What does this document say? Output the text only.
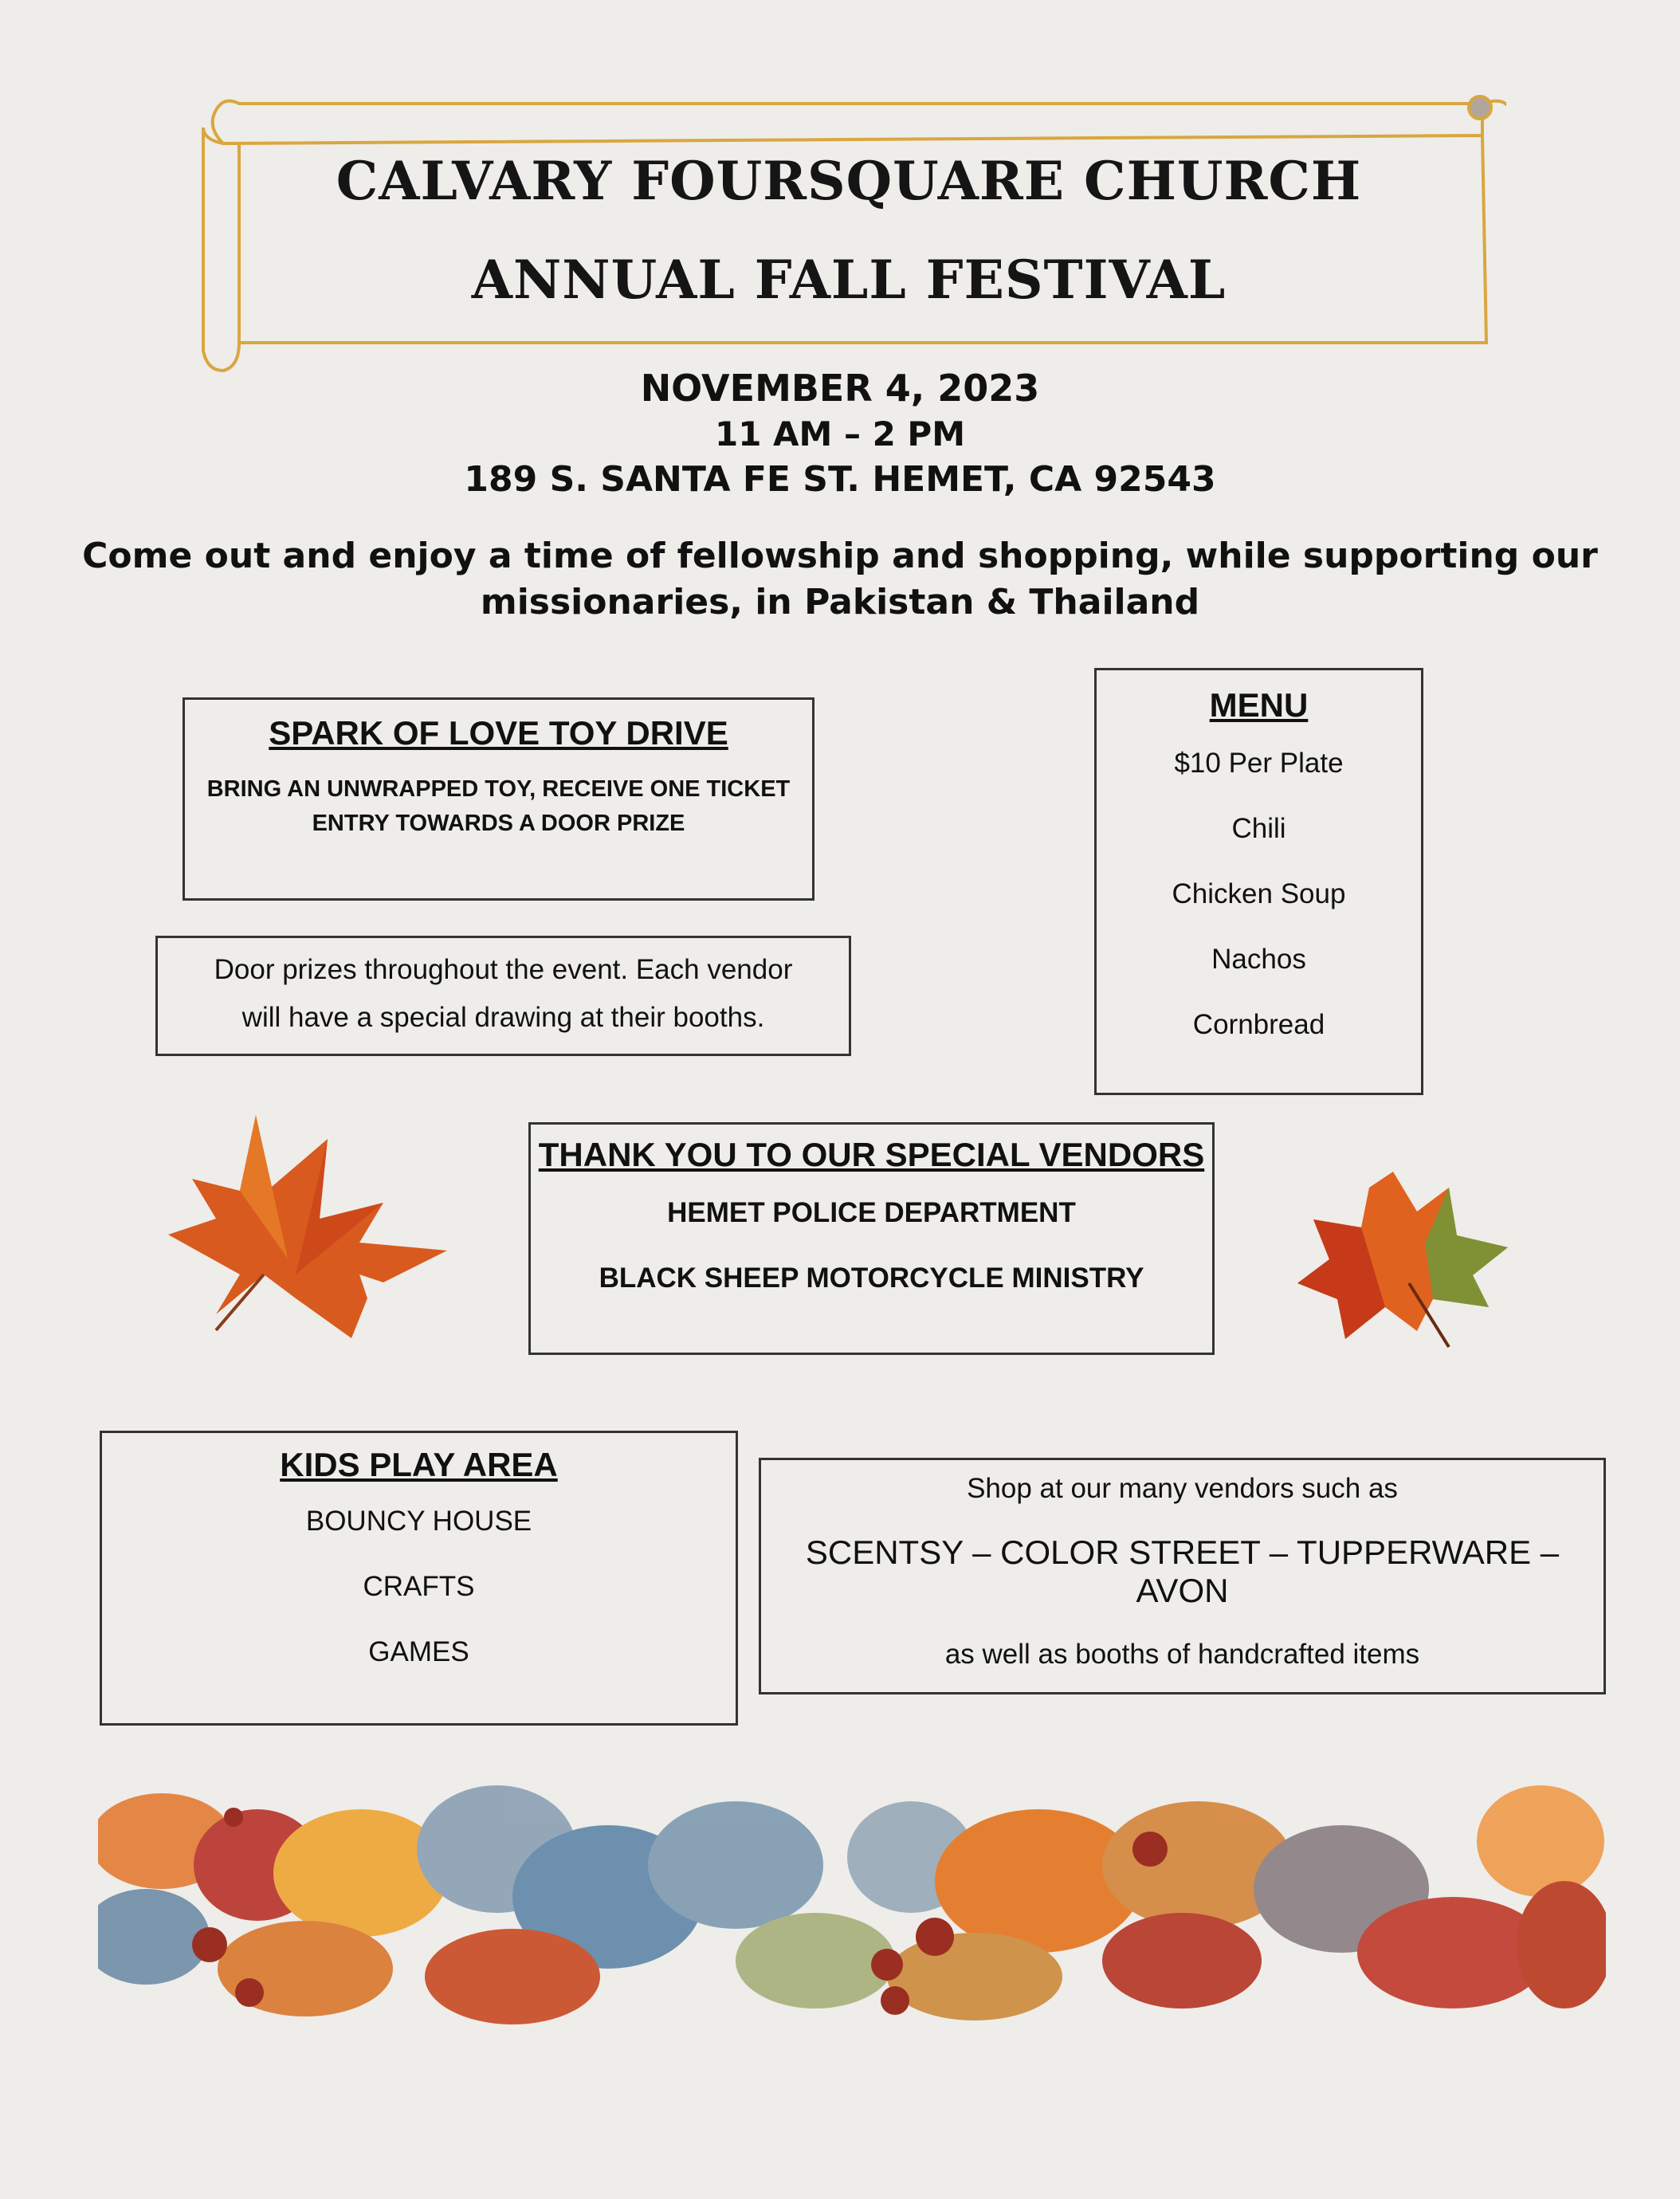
CALVARY FOURSQUARE CHURCH
ANNUAL FALL FESTIVAL
NOVEMBER 4, 2023
11 AM – 2 PM
189 S. SANTA FE ST. HEMET, CA 92543
Come out and enjoy a time of fellowship and shopping, while supporting our
missionaries, in Pakistan & Thailand
SPARK OF LOVE TOY DRIVE
BRING AN UNWRAPPED TOY, RECEIVE ONE TICKET
ENTRY TOWARDS A DOOR PRIZE
Door prizes throughout the event. Each vendor
will have a special drawing at their booths.
MENU
$10 Per Plate
Chili
Chicken Soup
Nachos
Cornbread
THANK YOU TO OUR SPECIAL VENDORS
HEMET POLICE DEPARTMENT
BLACK SHEEP MOTORCYCLE MINISTRY
KIDS PLAY AREA
BOUNCY HOUSE
CRAFTS
GAMES
Shop at our many vendors such as
SCENTSY – COLOR STREET – TUPPERWARE – AVON
as well as booths of handcrafted items
